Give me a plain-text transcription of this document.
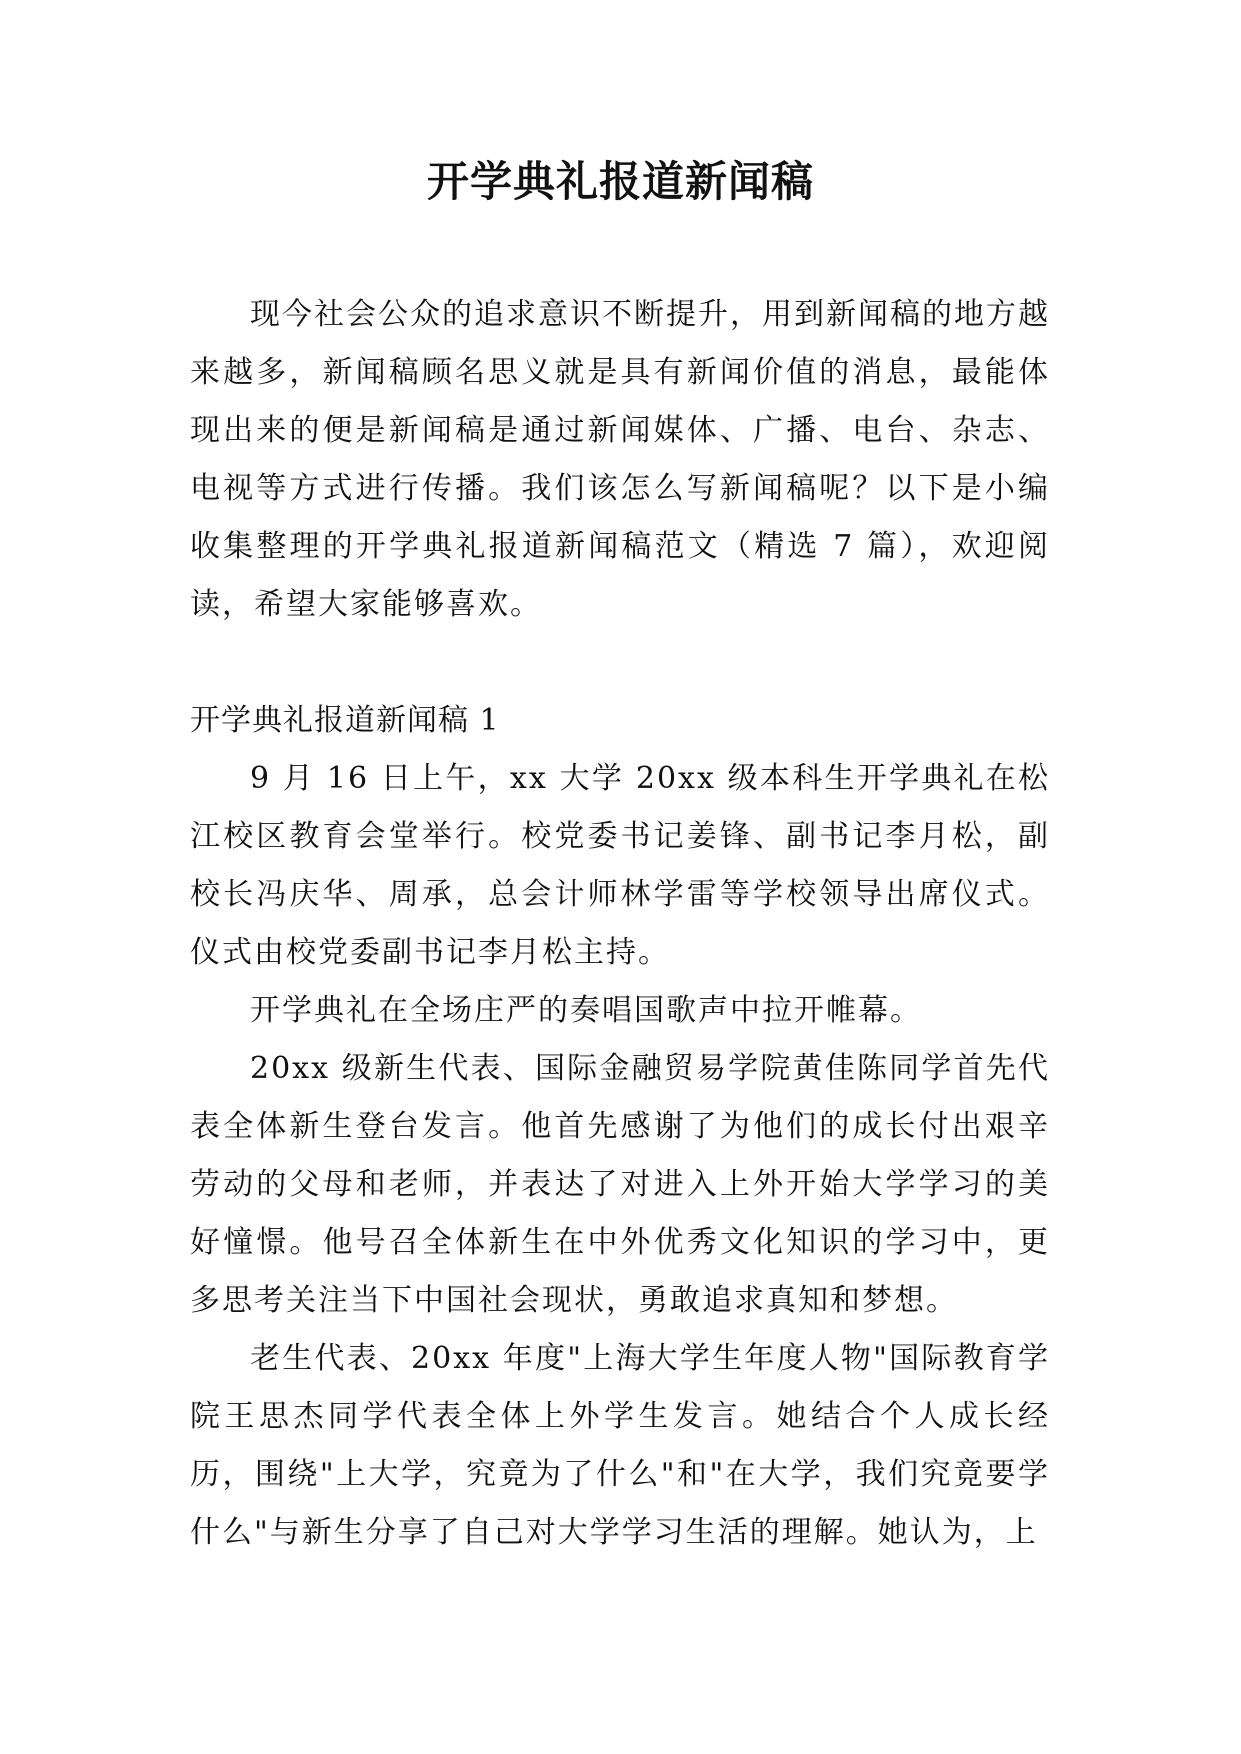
开学典礼报道新闻稿

现今社会公众的追求意识不断提升，用到新闻稿的地方越来越多，新闻稿顾名思义就是具有新闻价值的消息，最能体现出来的便是新闻稿是通过新闻媒体、广播、电台、杂志、电视等方式进行传播。我们该怎么写新闻稿呢？以下是小编收集整理的开学典礼报道新闻稿范文（精选 7 篇），欢迎阅读，希望大家能够喜欢。

开学典礼报道新闻稿 1

9 月 16 日上午，xx 大学 20xx 级本科生开学典礼在松江校区教育会堂举行。校党委书记姜锋、副书记李月松，副校长冯庆华、周承，总会计师林学雷等学校领导出席仪式。仪式由校党委副书记李月松主持。

开学典礼在全场庄严的奏唱国歌声中拉开帷幕。

20xx 级新生代表、国际金融贸易学院黄佳陈同学首先代表全体新生登台发言。他首先感谢了为他们的成长付出艰辛劳动的父母和老师，并表达了对进入上外开始大学学习的美好憧憬。他号召全体新生在中外优秀文化知识的学习中，更多思考关注当下中国社会现状，勇敢追求真知和梦想。

老生代表、20xx 年度"上海大学生年度人物"国际教育学院王思杰同学代表全体上外学生发言。她结合个人成长经历，围绕"上大学，究竟为了什么"和"在大学，我们究竟要学什么"与新生分享了自己对大学学习生活的理解。她认为，上
